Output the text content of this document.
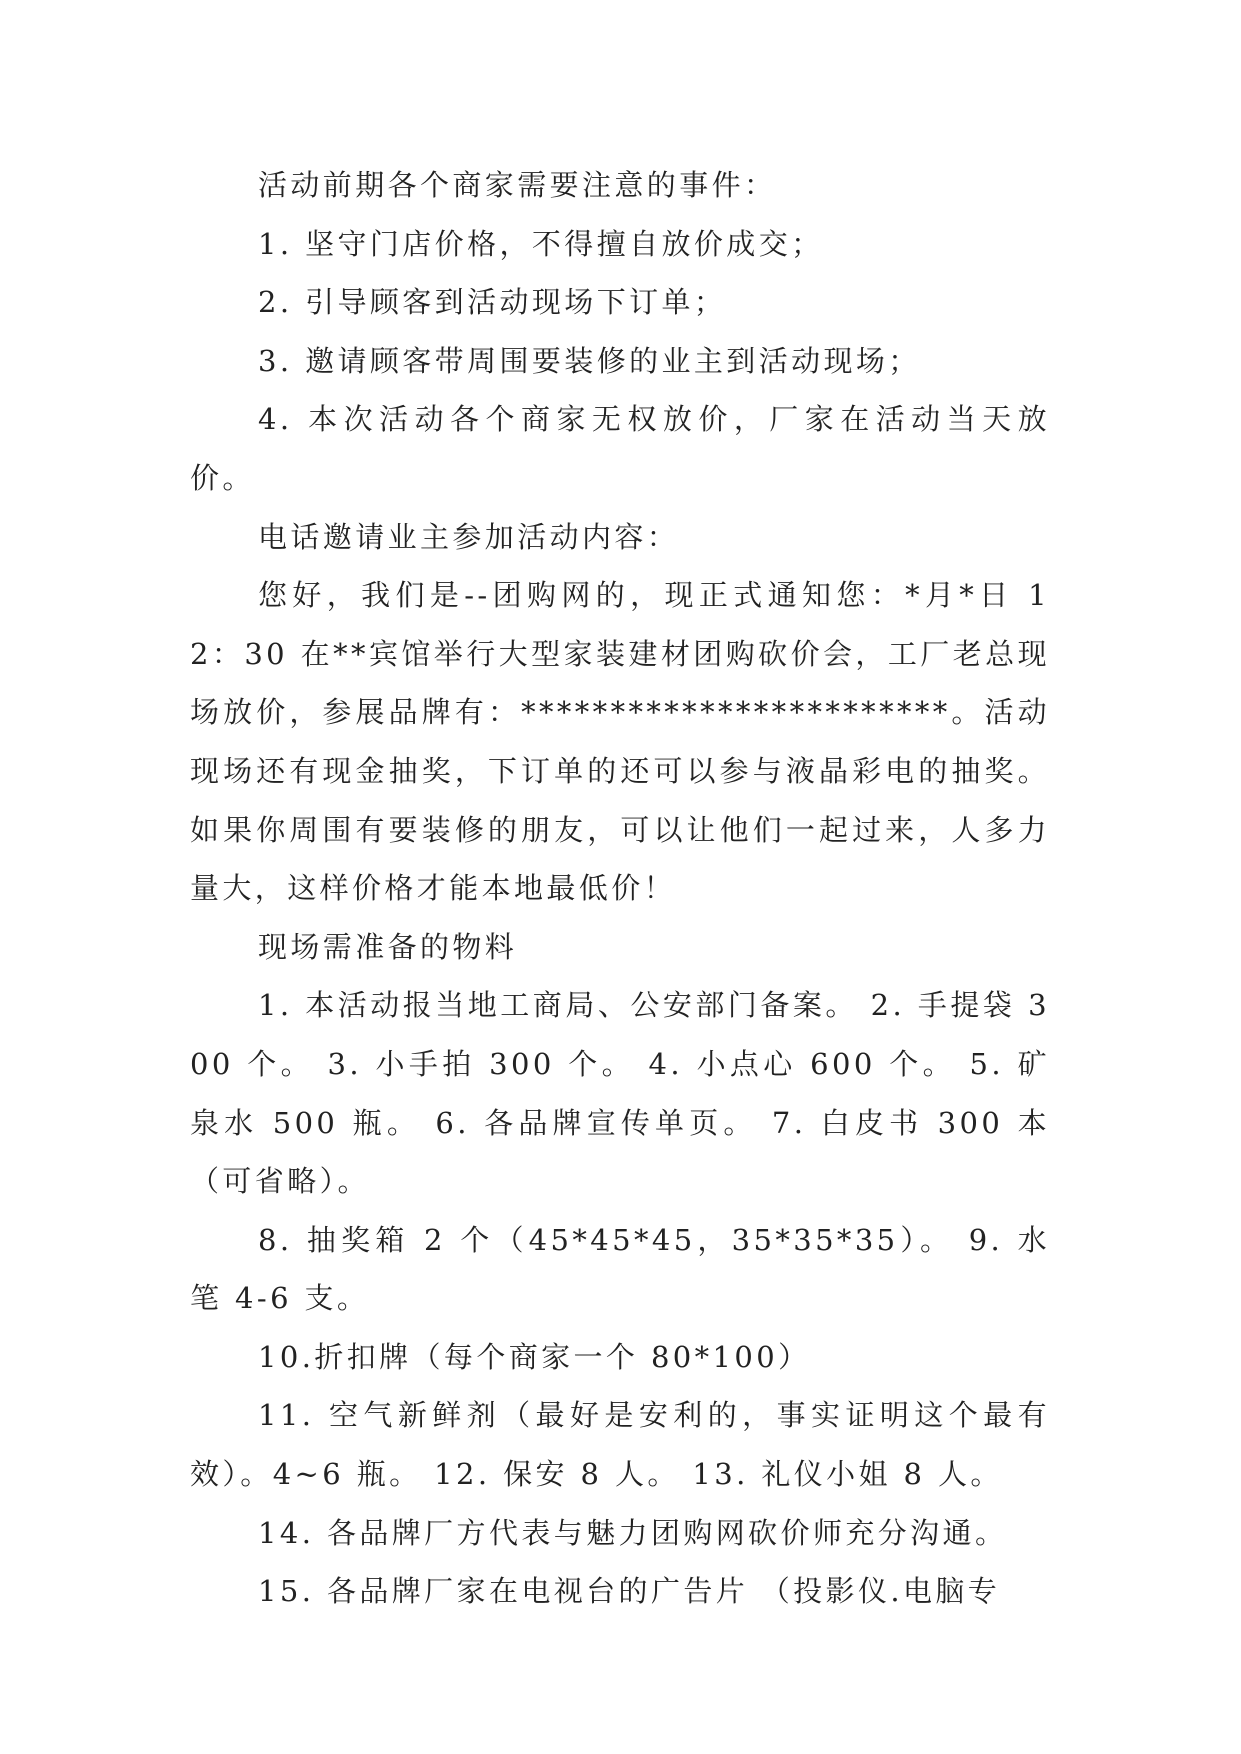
活动前期各个商家需要注意的事件：

1. 坚守门店价格，不得擅自放价成交；

2. 引导顾客到活动现场下订单；

3. 邀请顾客带周围要装修的业主到活动现场；

4. 本次活动各个商家无权放价，厂家在活动当天放价。

电话邀请业主参加活动内容：

您好，我们是--团购网的，现正式通知您：*月*日 12：30 在**宾馆举行大型家装建材团购砍价会，工厂老总现场放价，参展品牌有：************************。活动现场还有现金抽奖，下订单的还可以参与液晶彩电的抽奖。如果你周围有要装修的朋友，可以让他们一起过来，人多力量大，这样价格才能本地最低价！

现场需准备的物料

1. 本活动报当地工商局、公安部门备案。 2. 手提袋 300 个。 3. 小手拍 300 个。 4. 小点心 600 个。 5. 矿泉水 500 瓶。 6. 各品牌宣传单页。 7. 白皮书 300 本（可省略）。

8. 抽奖箱 2 个（45*45*45，35*35*35）。 9. 水笔 4-6 支。

10.折扣牌（每个商家一个 80*100）

11. 空气新鲜剂（最好是安利的，事实证明这个最有效）。4~6 瓶。 12. 保安 8 人。 13. 礼仪小姐 8 人。

14. 各品牌厂方代表与魅力团购网砍价师充分沟通。

15. 各品牌厂家在电视台的广告片 （投影仪.电脑专
